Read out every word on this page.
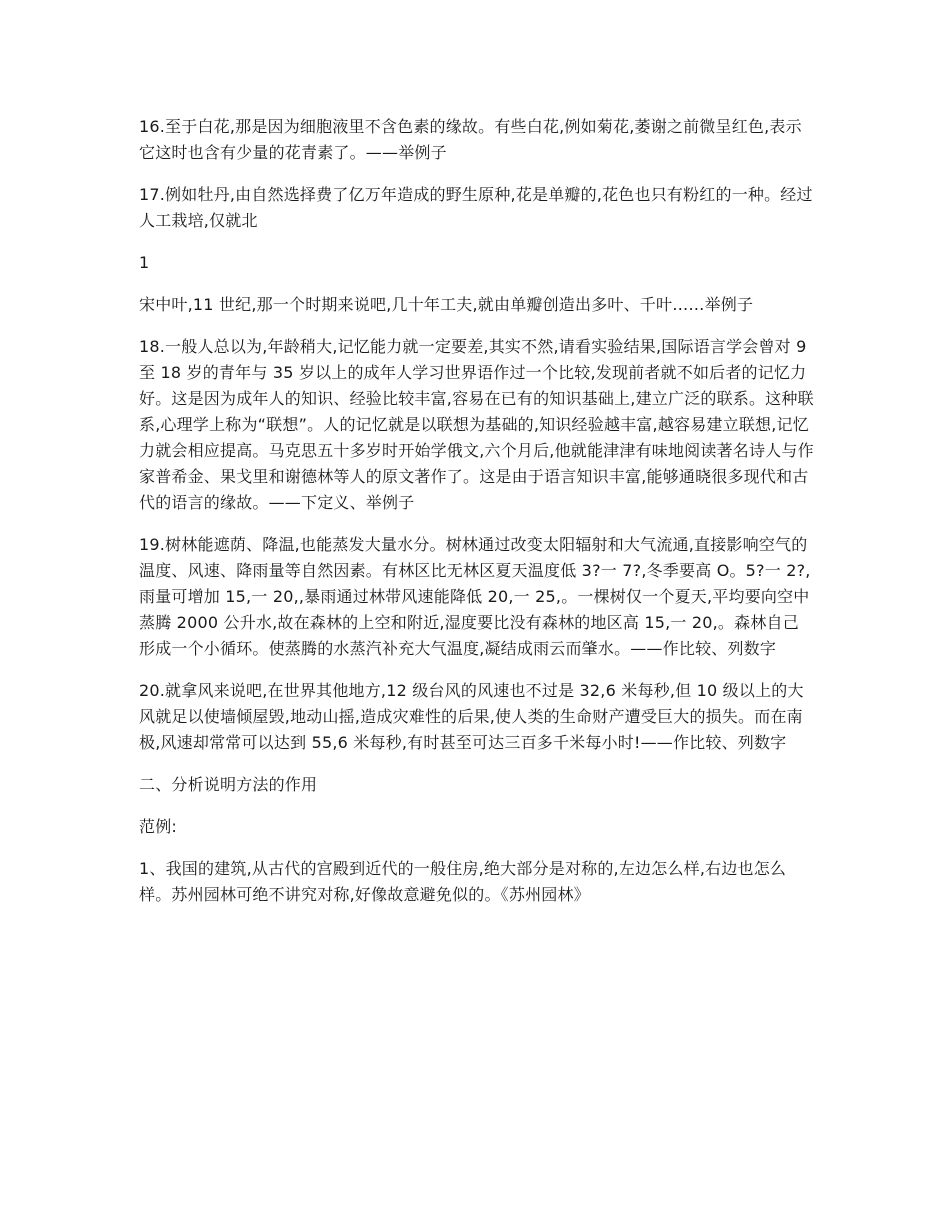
16.至于白花,那是因为细胞液里不含色素的缘故。有些白花,例如菊花,萎谢之前微呈红色,表示它这时也含有少量的花青素了。——举例子

17.例如牡丹,由自然选择费了亿万年造成的野生原种,花是单瓣的,花色也只有粉红的一种。经过人工栽培,仅就北

1

宋中叶,11 世纪,那一个时期来说吧,几十年工夫,就由单瓣创造出多叶、千叶……举例子

18.一般人总以为,年龄稍大,记忆能力就一定要差,其实不然,请看实验结果,国际语言学会曾对 9 至 18 岁的青年与 35 岁以上的成年人学习世界语作过一个比较,发现前者就不如后者的记忆力好。这是因为成年人的知识、经验比较丰富,容易在已有的知识基础上,建立广泛的联系。这种联系,心理学上称为“联想”。人的记忆就是以联想为基础的,知识经验越丰富,越容易建立联想,记忆力就会相应提高。马克思五十多岁时开始学俄文,六个月后,他就能津津有味地阅读著名诗人与作家普希金、果戈里和谢德林等人的原文著作了。这是由于语言知识丰富,能够通晓很多现代和古代的语言的缘故。——下定义、举例子

19.树林能遮荫、降温,也能蒸发大量水分。树林通过改变太阳辐射和大气流通,直接影响空气的温度、风速、降雨量等自然因素。有林区比无林区夏天温度低 3?一 7?,冬季要高 O。5?一 2?,雨量可增加 15,一 20,,暴雨通过林带风速能降低 20,一 25,。一棵树仅一个夏天,平均要向空中蒸腾 2000 公升水,故在森林的上空和附近,湿度要比没有森林的地区高 15,一 20,。森林自己形成一个小循环。使蒸腾的水蒸汽补充大气温度,凝结成雨云而肇水。——作比较、列数字

20.就拿风来说吧,在世界其他地方,12 级台风的风速也不过是 32,6 米每秒,但 10 级以上的大风就足以使墙倾屋毁,地动山摇,造成灾难性的后果,使人类的生命财产遭受巨大的损失。而在南极,风速却常常可以达到 55,6 米每秒,有时甚至可达三百多千米每小时!——作比较、列数字

二、分析说明方法的作用

范例:

1、我国的建筑,从古代的宫殿到近代的一般住房,绝大部分是对称的,左边怎么样,右边也怎么样。苏州园林可绝不讲究对称,好像故意避免似的。《苏州园林》
